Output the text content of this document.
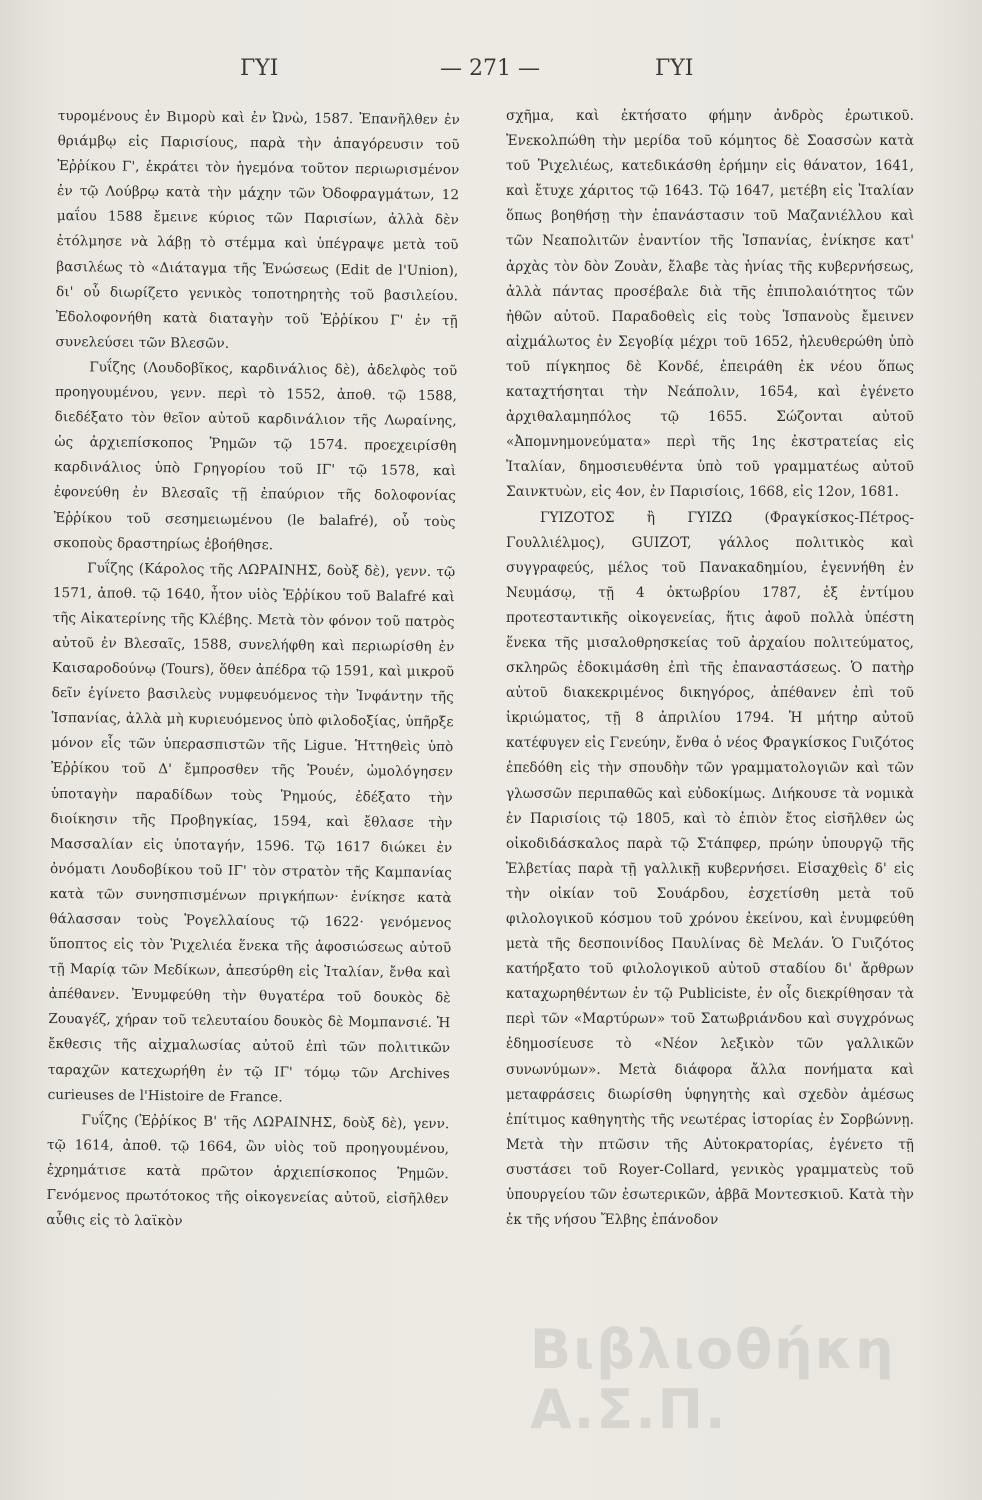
ΓΥΙ	— 271 —	ΓΥΙ

τυρομένους ἐν Βιμορὺ καὶ ἐν Ὠνὼ, 1587. Ἐπανῆλθεν ἐν θριάμβῳ εἰς Παρισίους, παρὰ τὴν ἀπαγόρευσιν τοῦ Ἐῤῥίκου Γ', ἐκράτει τὸν ἡγεμόνα τοῦτον περιωρισμένον ἐν τῷ Λούβρῳ κατὰ τὴν μάχην τῶν Ὀδοφραγμάτων, 12 μαΐου 1588 ἔμεινε κύριος τῶν Παρισίων, ἀλλὰ δὲν ἐτόλμησε νὰ λάβῃ τὸ στέμμα καὶ ὑπέγραψε μετὰ τοῦ βασιλέως τὸ «Διάταγμα τῆς Ἑνώσεως (Edit de l'Union), δι' οὗ διωρίζετο γενικὸς τοποτηρητὴς τοῦ βασιλείου. Ἐδολοφονήθη κατὰ διαταγὴν τοῦ Ἐῤῥίκου Γ' ἐν τῇ συνελεύσει τῶν Βλεσῶν.

Γυΐζης (Λουδοβῖκος, καρδινάλιος δὲ), ἀδελφὸς τοῦ προηγουμένου, γενν. περὶ τὸ 1552, ἀποθ. τῷ 1588, διεδέξατο τὸν θεῖον αὐτοῦ καρδινάλιον τῆς Λωραίνης, ὡς ἀρχιεπίσκοπος Ῥημῶν τῷ 1574. προεχειρίσθη καρδινάλιος ὑπὸ Γρηγορίου τοῦ ΙΓ' τῷ 1578, καὶ ἐφονεύθη ἐν Βλεσαῖς τῇ ἐπαύριον τῆς δολοφονίας Ἐῤῥίκου τοῦ σεσημειωμένου (le balafré), οὗ τοὺς σκοποὺς δραστηρίως ἐβοήθησε.

Γυΐζης (Κάρολος τῆς ΛΩΡΑΙΝΗΣ, δοὺξ δὲ), γενν. τῷ 1571, ἀποθ. τῷ 1640, ἦτον υἱὸς Ἐῤῥίκου τοῦ Balafré καὶ τῆς Αἰκατερίνης τῆς Κλέβης. Μετὰ τὸν φόνον τοῦ πατρὸς αὐτοῦ ἐν Βλεσαῖς, 1588, συνελήφθη καὶ περιωρίσθη ἐν Καισαροδούνῳ (Tours), ὅθεν ἀπέδρα τῷ 1591, καὶ μικροῦ δεῖν ἐγίνετο βασιλεὺς νυμφευόμενος τὴν Ἰνφάντην τῆς Ἱσπανίας, ἀλλὰ μὴ κυριευόμενος ὑπὸ φιλοδοξίας, ὑπῆρξε μόνον εἷς τῶν ὑπερασπιστῶν τῆς Ligue. Ἡττηθεὶς ὑπὸ Ἐῤῥίκου τοῦ Δ' ἔμπροσθεν τῆς Ῥουέν, ὡμολόγησεν ὑποταγὴν παραδίδων τοὺς Ῥημούς, ἐδέξατο τὴν διοίκησιν τῆς Προβηγκίας, 1594, καὶ ἔθλασε τὴν Μασσαλίαν εἰς ὑποταγήν, 1596. Τῷ 1617 διώκει ἐν ὀνόματι Λουδοβίκου τοῦ ΙΓ' τὸν στρατὸν τῆς Καμπανίας κατὰ τῶν συνησπισμένων πριγκήπων· ἐνίκησε κατὰ θάλασσαν τοὺς Ῥογελλαίους τῷ 1622· γενόμενος ὕποπτος εἰς τὸν Ῥιχελιέα ἕνεκα τῆς ἀφοσιώσεως αὐτοῦ τῇ Μαρίᾳ τῶν Μεδίκων, ἀπεσύρθη εἰς Ἰταλίαν, ἔνθα καὶ ἀπέθανεν. Ἐνυμφεύθη τὴν θυγατέρα τοῦ δουκὸς δὲ Ζουαγέζ, χήραν τοῦ τελευταίου δουκὸς δὲ Μομπανσιέ. Ἡ ἔκθεσις τῆς αἰχμαλωσίας αὐτοῦ ἐπὶ τῶν πολιτικῶν ταραχῶν κατεχωρήθη ἐν τῷ ΙΓ' τόμῳ τῶν Archives curieuses de l'Histoire de France.

Γυΐζης (Ἐῤῥίκος Β' τῆς ΛΩΡΑΙΝΗΣ, δοὺξ δὲ), γενν. τῷ 1614, ἀποθ. τῷ 1664, ὢν υἱὸς τοῦ προηγουμένου, ἐχρημάτισε κατὰ πρῶτον ἀρχιεπίσκοπος Ῥημῶν. Γενόμενος πρωτότοκος τῆς οἰκογενείας αὐτοῦ, εἰσῆλθεν αὖθις εἰς τὸ λαϊκὸν

σχῆμα, καὶ ἐκτήσατο φήμην ἀνδρὸς ἐρωτικοῦ. Ἐνεκολπώθη τὴν μερίδα τοῦ κόμητος δὲ Σοασσὼν κατὰ τοῦ Ῥιχελιέως, κατεδικάσθη ἐρήμην εἰς θάνατον, 1641, καὶ ἔτυχε χάριτος τῷ 1643. Τῷ 1647, μετέβη εἰς Ἰταλίαν ὅπως βοηθήσῃ τὴν ἐπανάστασιν τοῦ Μαζανιέλλου καὶ τῶν Νεαπολιτῶν ἐναντίον τῆς Ἱσπανίας, ἐνίκησε κατ' ἀρχὰς τὸν δὸν Ζουὰν, ἔλαβε τὰς ἡνίας τῆς κυβερνήσεως, ἀλλὰ πάντας προσέβαλε διὰ τῆς ἐπιπολαιότητος τῶν ἠθῶν αὐτοῦ. Παραδοθεὶς εἰς τοὺς Ἱσπανοὺς ἔμεινεν αἰχμάλωτος ἐν Σεγοβίᾳ μέχρι τοῦ 1652, ἠλευθερώθη ὑπὸ τοῦ πίγκηπος δὲ Κονδέ, ἐπειράθη ἐκ νέου ὅπως καταχτήσηται τὴν Νεάπολιν, 1654, καὶ ἐγένετο ἀρχιθαλαμηπόλος τῷ 1655. Σώζονται αὐτοῦ «Ἀπομνημονεύματα» περὶ τῆς 1ης ἐκστρατείας εἰς Ἰταλίαν, δημοσιευθέντα ὑπὸ τοῦ γραμματέως αὐτοῦ Σαινκτυὼν, εἰς 4ον, ἐν Παρισίοις, 1668, εἰς 12ον, 1681.

ΓΥΙΖΟΤΟΣ ἢ ΓΥΙΖΩ (Φραγκίσκος-Πέτρος-Γουλλιέλμος), GUIZOT, γάλλος πολιτικὸς καὶ συγγραφεύς, μέλος τοῦ Πανακαδημίου, ἐγεννήθη ἐν Νευμάσῳ, τῇ 4 ὀκτωβρίου 1787, ἐξ ἐντίμου προτεσταντικῆς οἰκογενείας, ἥτις ἀφοῦ πολλὰ ὑπέστη ἕνεκα τῆς μισαλοθρησκείας τοῦ ἀρχαίου πολιτεύματος, σκληρῶς ἐδοκιμάσθη ἐπὶ τῆς ἐπαναστάσεως. Ὁ πατὴρ αὐτοῦ διακεκριμένος δικηγόρος, ἀπέθανεν ἐπὶ τοῦ ἰκριώματος, τῇ 8 ἀπριλίου 1794. Ἡ μήτηρ αὐτοῦ κατέφυγεν εἰς Γενεύην, ἔνθα ὁ νέος Φραγκίσκος Γυιζότος ἐπεδόθη εἰς τὴν σπουδὴν τῶν γραμματολογιῶν καὶ τῶν γλωσσῶν περιπαθῶς καὶ εὐδοκίμως. Διήκουσε τὰ νομικὰ ἐν Παρισίοις τῷ 1805, καὶ τὸ ἐπιὸν ἔτος εἰσῆλθεν ὡς οἰκοδιδάσκαλος παρὰ τῷ Στάπφερ, πρώην ὑπουργῷ τῆς Ἑλβετίας παρὰ τῇ γαλλικῇ κυβερνήσει. Εἰσαχθεὶς δ' εἰς τὴν οἰκίαν τοῦ Σουάρδου, ἐσχετίσθη μετὰ τοῦ φιλολογικοῦ κόσμου τοῦ χρόνου ἐκείνου, καὶ ἐνυμφεύθη μετὰ τῆς δεσποινίδος Παυλίνας δὲ Μελάν. Ὁ Γυιζότος κατήρξατο τοῦ φιλολογικοῦ αὐτοῦ σταδίου δι' ἄρθρων καταχωρηθέντων ἐν τῷ Publiciste, ἐν οἷς διεκρίθησαν τὰ περὶ τῶν «Μαρτύρων» τοῦ Σατωβριάνδου καὶ συγχρόνως ἐδημοσίευσε τὸ «Νέον λεξικὸν τῶν γαλλικῶν συνωνύμων». Μετὰ διάφορα ἄλλα πονήματα καὶ μεταφράσεις διωρίσθη ὑφηγητὴς καὶ σχεδὸν ἀμέσως ἐπίτιμος καθηγητὴς τῆς νεωτέρας ἱστορίας ἐν Σορβώννῃ. Μετὰ τὴν πτῶσιν τῆς Αὐτοκρατορίας, ἐγένετο τῇ συστάσει τοῦ Royer-Collard, γενικὸς γραμματεὺς τοῦ ὑπουργείου τῶν ἐσωτερικῶν, ἀββᾶ Μοντεσκιοῦ. Κατὰ τὴν ἐκ τῆς νήσου Ἔλβης ἐπάνοδον

Βιβλιοθήκη
Α.Σ.Π.
